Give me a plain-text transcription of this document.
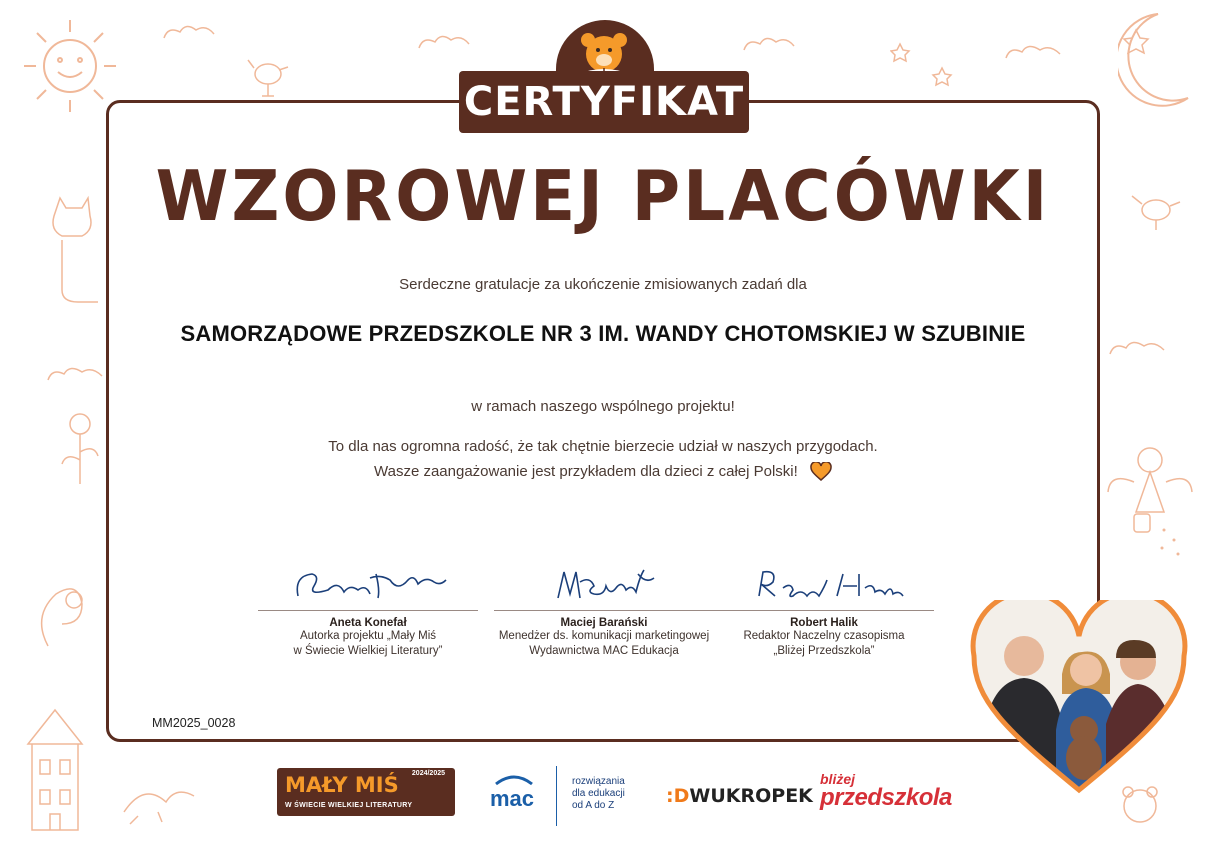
CERTYFIKAT
WZOROWEJ PLACÓWKI
Serdeczne gratulacje za ukończenie zmisiowanych zadań dla
SAMORZĄDOWE PRZEDSZKOLE NR 3 IM. WANDY CHOTOMSKIEJ W SZUBINIE
w ramach naszego wspólnego projektu!
To dla nas ogromna radość, że tak chętnie bierzecie udział w naszych przygodach.
Wasze zaangażowanie jest przykładem dla dzieci z całej Polski!
Aneta Konefał
Autorka projektu „Mały Miś
w Świecie Wielkiej Literatury”
Maciej Barański
Menedżer ds. komunikacji marketingowej
Wydawnictwa MAC Edukacja
Robert Halik
Redaktor Naczelny czasopisma
„Bliżej Przedszkola”
MM2025_0028
MAŁY MIŚ 2024/2025
W ŚWIECIE WIELKIEJ LITERATURY	mac
rozwiązania
dla edukacji
od A do Z	:DWUKROPEK
bliżej
przedszkola
